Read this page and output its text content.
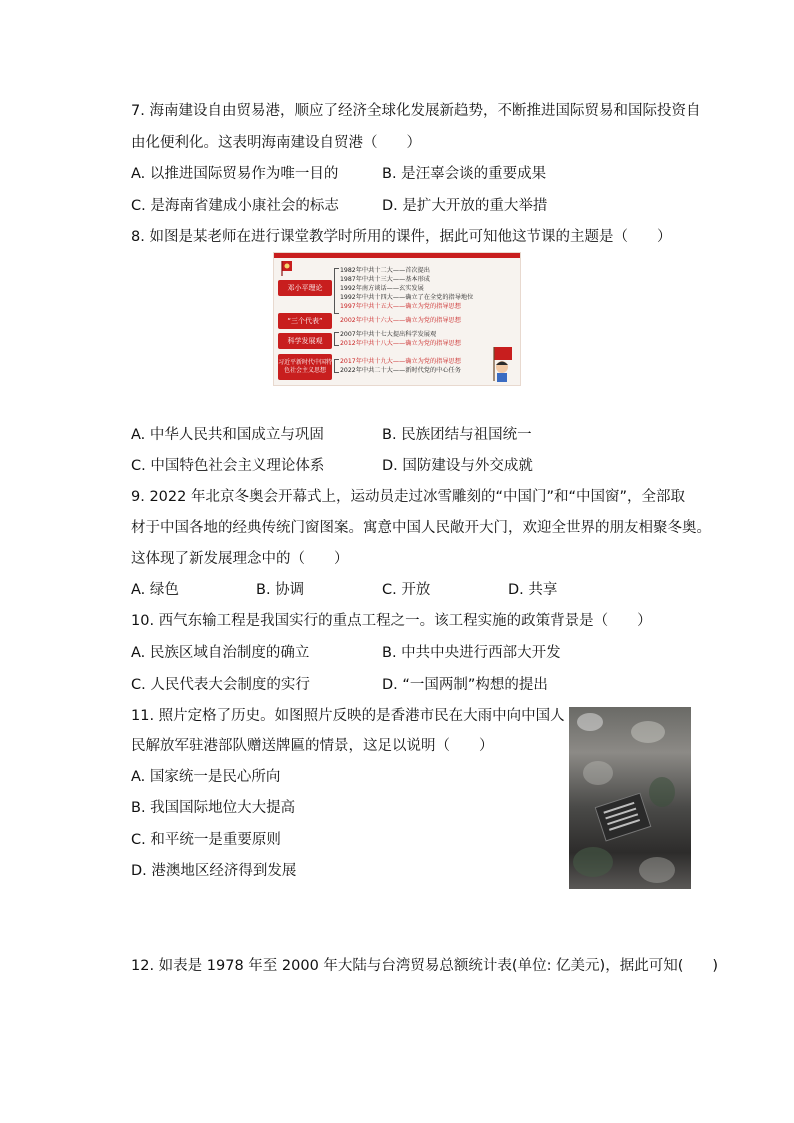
7. 海南建设自由贸易港，顺应了经济全球化发展新趋势，不断推进国际贸易和国际投资自
由化便利化。这表明海南建设自贸港（　　）
A. 以推进国际贸易作为唯一目的	B. 是汪辜会谈的重要成果
C. 是海南省建成小康社会的标志	D. 是扩大开放的重大举措
8. 如图是某老师在进行课堂教学时所用的课件，据此可知他这节课的主题是（　　）
邓小平理论
1982年中共十二大——首次提出
1987年中共十三大——基本形成
1992年南方谈话——玄实发展
1992年中共十四大——确立了在全党的指导地位
1997年中共十五大——确立为党的指导思想
“三个代表”	2002年中共十六大——确立为党的指导思想
科学发展观
2007年中共十七大提出科学发展观
2012年中共十八大——确立为党的指导思想
习近平新时代中国特色社会主义思想
2017年中共十九大——确立为党的指导思想
2022年中共二十大——新时代党的中心任务
A. 中华人民共和国成立与巩固	B. 民族团结与祖国统一
C. 中国特色社会主义理论体系	D. 国防建设与外交成就
9. 2022 年北京冬奥会开幕式上，运动员走过冰雪雕刻的“中国门”和“中国窗”，全部取
材于中国各地的经典传统门窗图案。寓意中国人民敞开大门，欢迎全世界的朋友相聚冬奥。
这体现了新发展理念中的（　　）
A. 绿色	B. 协调	C. 开放	D. 共享
10. 西气东输工程是我国实行的重点工程之一。该工程实施的政策背景是（　　）
A. 民族区域自治制度的确立	B. 中共中央进行西部大开发
C. 人民代表大会制度的实行	D. “一国两制”构想的提出
11. 照片定格了历史。如图照片反映的是香港市民在大雨中向中国人
民解放军驻港部队赠送牌匾的情景，这足以说明（　　）
A. 国家统一是民心所向
B. 我国国际地位大大提高
C. 和平统一是重要原则
D. 港澳地区经济得到发展
12. 如表是 1978 年至 2000 年大陆与台湾贸易总额统计表(单位: 亿美元)，据此可知(　　)
